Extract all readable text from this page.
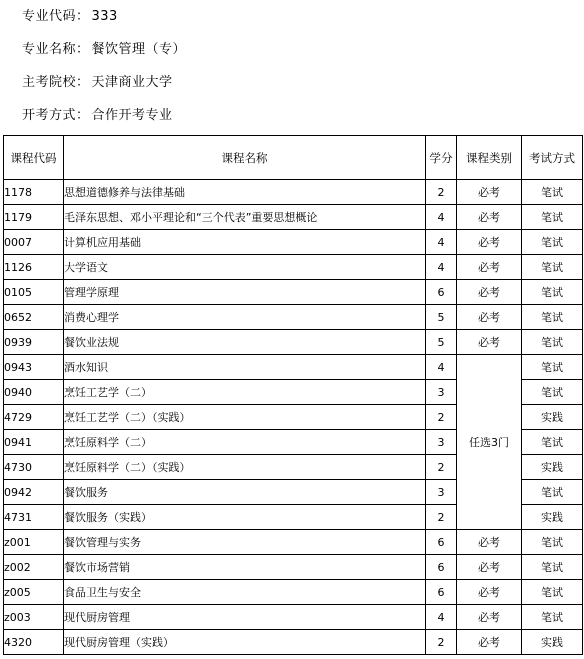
专业代码： 333
专业名称： 餐饮管理（专）
主考院校： 天津商业大学
开考方式： 合作开考专业
课程代码	课程名称	学分	课程类别	考试方式
1178	思想道德修养与法律基础	2	必考	笔试
1179	毛泽东思想、邓小平理论和“三个代表”重要思想概论	4	必考	笔试
0007	计算机应用基础	4	必考	笔试
1126	大学语文	4	必考	笔试
0105	管理学原理	6	必考	笔试
0652	消费心理学	5	必考	笔试
0939	餐饮业法规	5	必考	笔试
0943	酒水知识	4	任选3门	笔试
0940	烹饪工艺学（二）	3		笔试
4729	烹饪工艺学（二）（实践）	2		实践
0941	烹饪原料学（二）	3		笔试
4730	烹饪原料学（二）（实践）	2		实践
0942	餐饮服务	3		笔试
4731	餐饮服务（实践）	2		实践
z001	餐饮管理与实务	6	必考	笔试
z002	餐饮市场营销	6	必考	笔试
z005	食品卫生与安全	6	必考	笔试
z003	现代厨房管理	4	必考	笔试
4320	现代厨房管理（实践）	2	必考	实践
